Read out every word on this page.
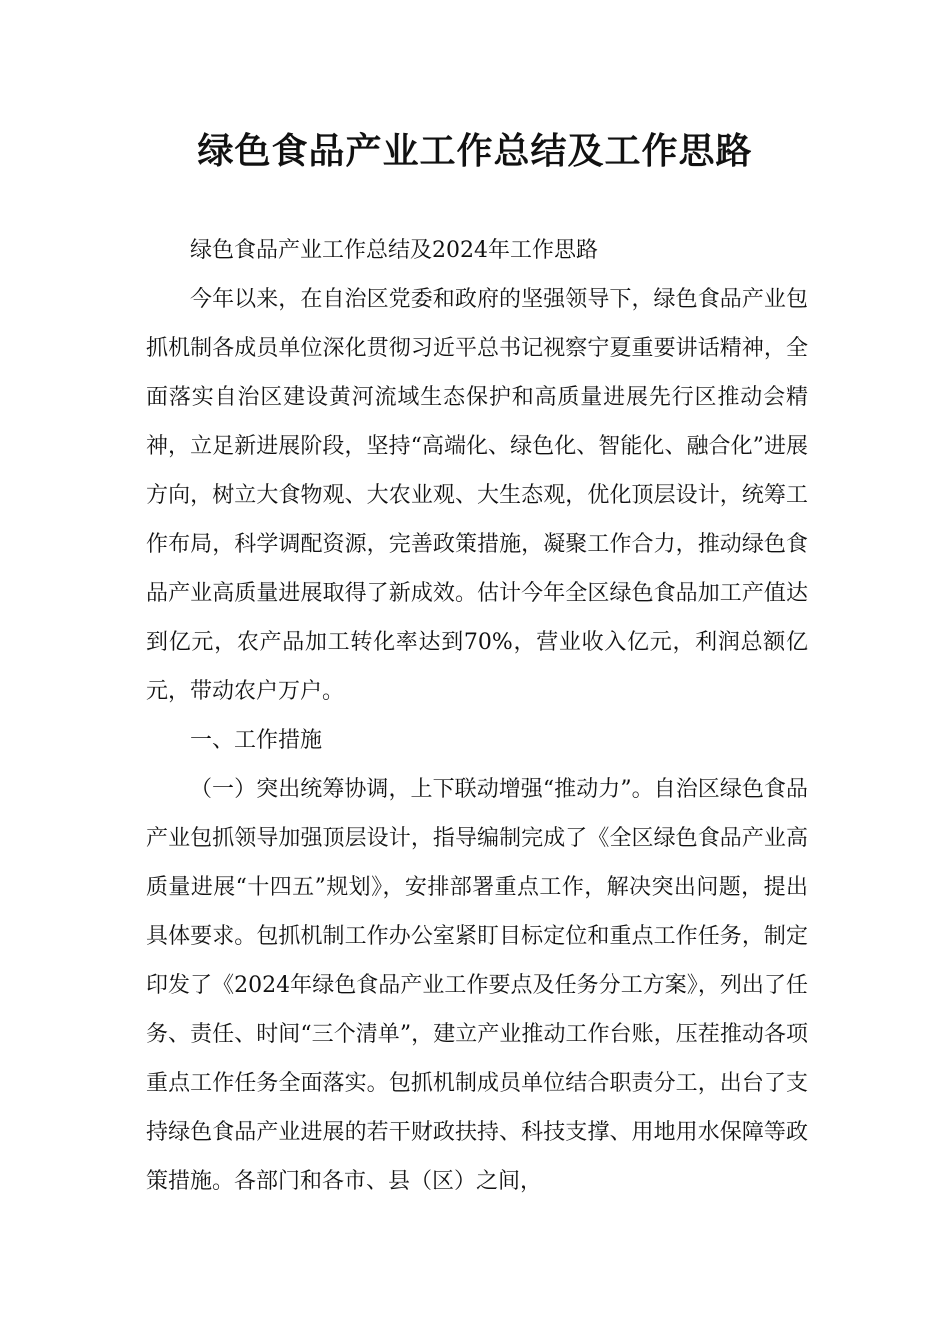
绿色食品产业工作总结及工作思路

绿色食品产业工作总结及2024年工作思路

今年以来，在自治区党委和政府的坚强领导下，绿色食品产业包抓机制各成员单位深化贯彻习近平总书记视察宁夏重要讲话精神，全面落实自治区建设黄河流域生态保护和高质量进展先行区推动会精神，立足新进展阶段，坚持“高端化、绿色化、智能化、融合化”进展方向，树立大食物观、大农业观、大生态观，优化顶层设计，统筹工作布局，科学调配资源，完善政策措施，凝聚工作合力，推动绿色食品产业高质量进展取得了新成效。估计今年全区绿色食品加工产值达到亿元，农产品加工转化率达到70%，营业收入亿元，利润总额亿元，带动农户万户。

一、工作措施

（一）突出统筹协调，上下联动增强“推动力”。自治区绿色食品产业包抓领导加强顶层设计，指导编制完成了《全区绿色食品产业高质量进展“十四五”规划》，安排部署重点工作，解决突出问题，提出具体要求。包抓机制工作办公室紧盯目标定位和重点工作任务，制定印发了《2024年绿色食品产业工作要点及任务分工方案》，列出了任务、责任、时间“三个清单”，建立产业推动工作台账，压茬推动各项重点工作任务全面落实。包抓机制成员单位结合职责分工，出台了支持绿色食品产业进展的若干财政扶持、科技支撑、用地用水保障等政策措施。各部门和各市、县（区）之间，
